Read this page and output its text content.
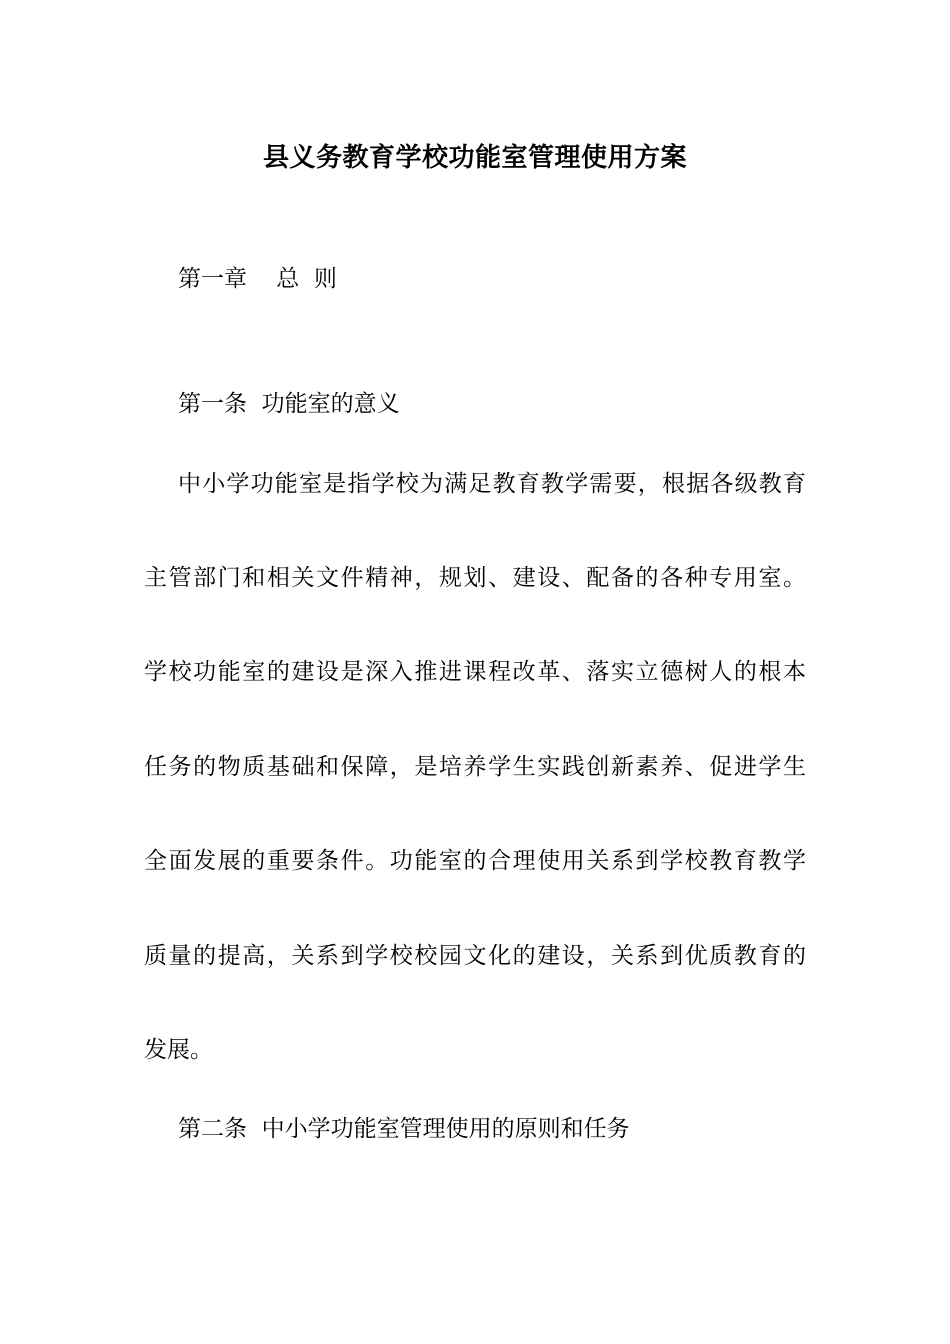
县义务教育学校功能室管理使用方案
第一章    总  则
第一条  功能室的意义
中小学功能室是指学校为满足教育教学需要，根据各级教育
主管部门和相关文件精神，规划、建设、配备的各种专用室。
学校功能室的建设是深入推进课程改革、落实立德树人的根本
任务的物质基础和保障，是培养学生实践创新素养、促进学生
全面发展的重要条件。功能室的合理使用关系到学校教育教学
质量的提高，关系到学校校园文化的建设，关系到优质教育的
发展。
第二条  中小学功能室管理使用的原则和任务
